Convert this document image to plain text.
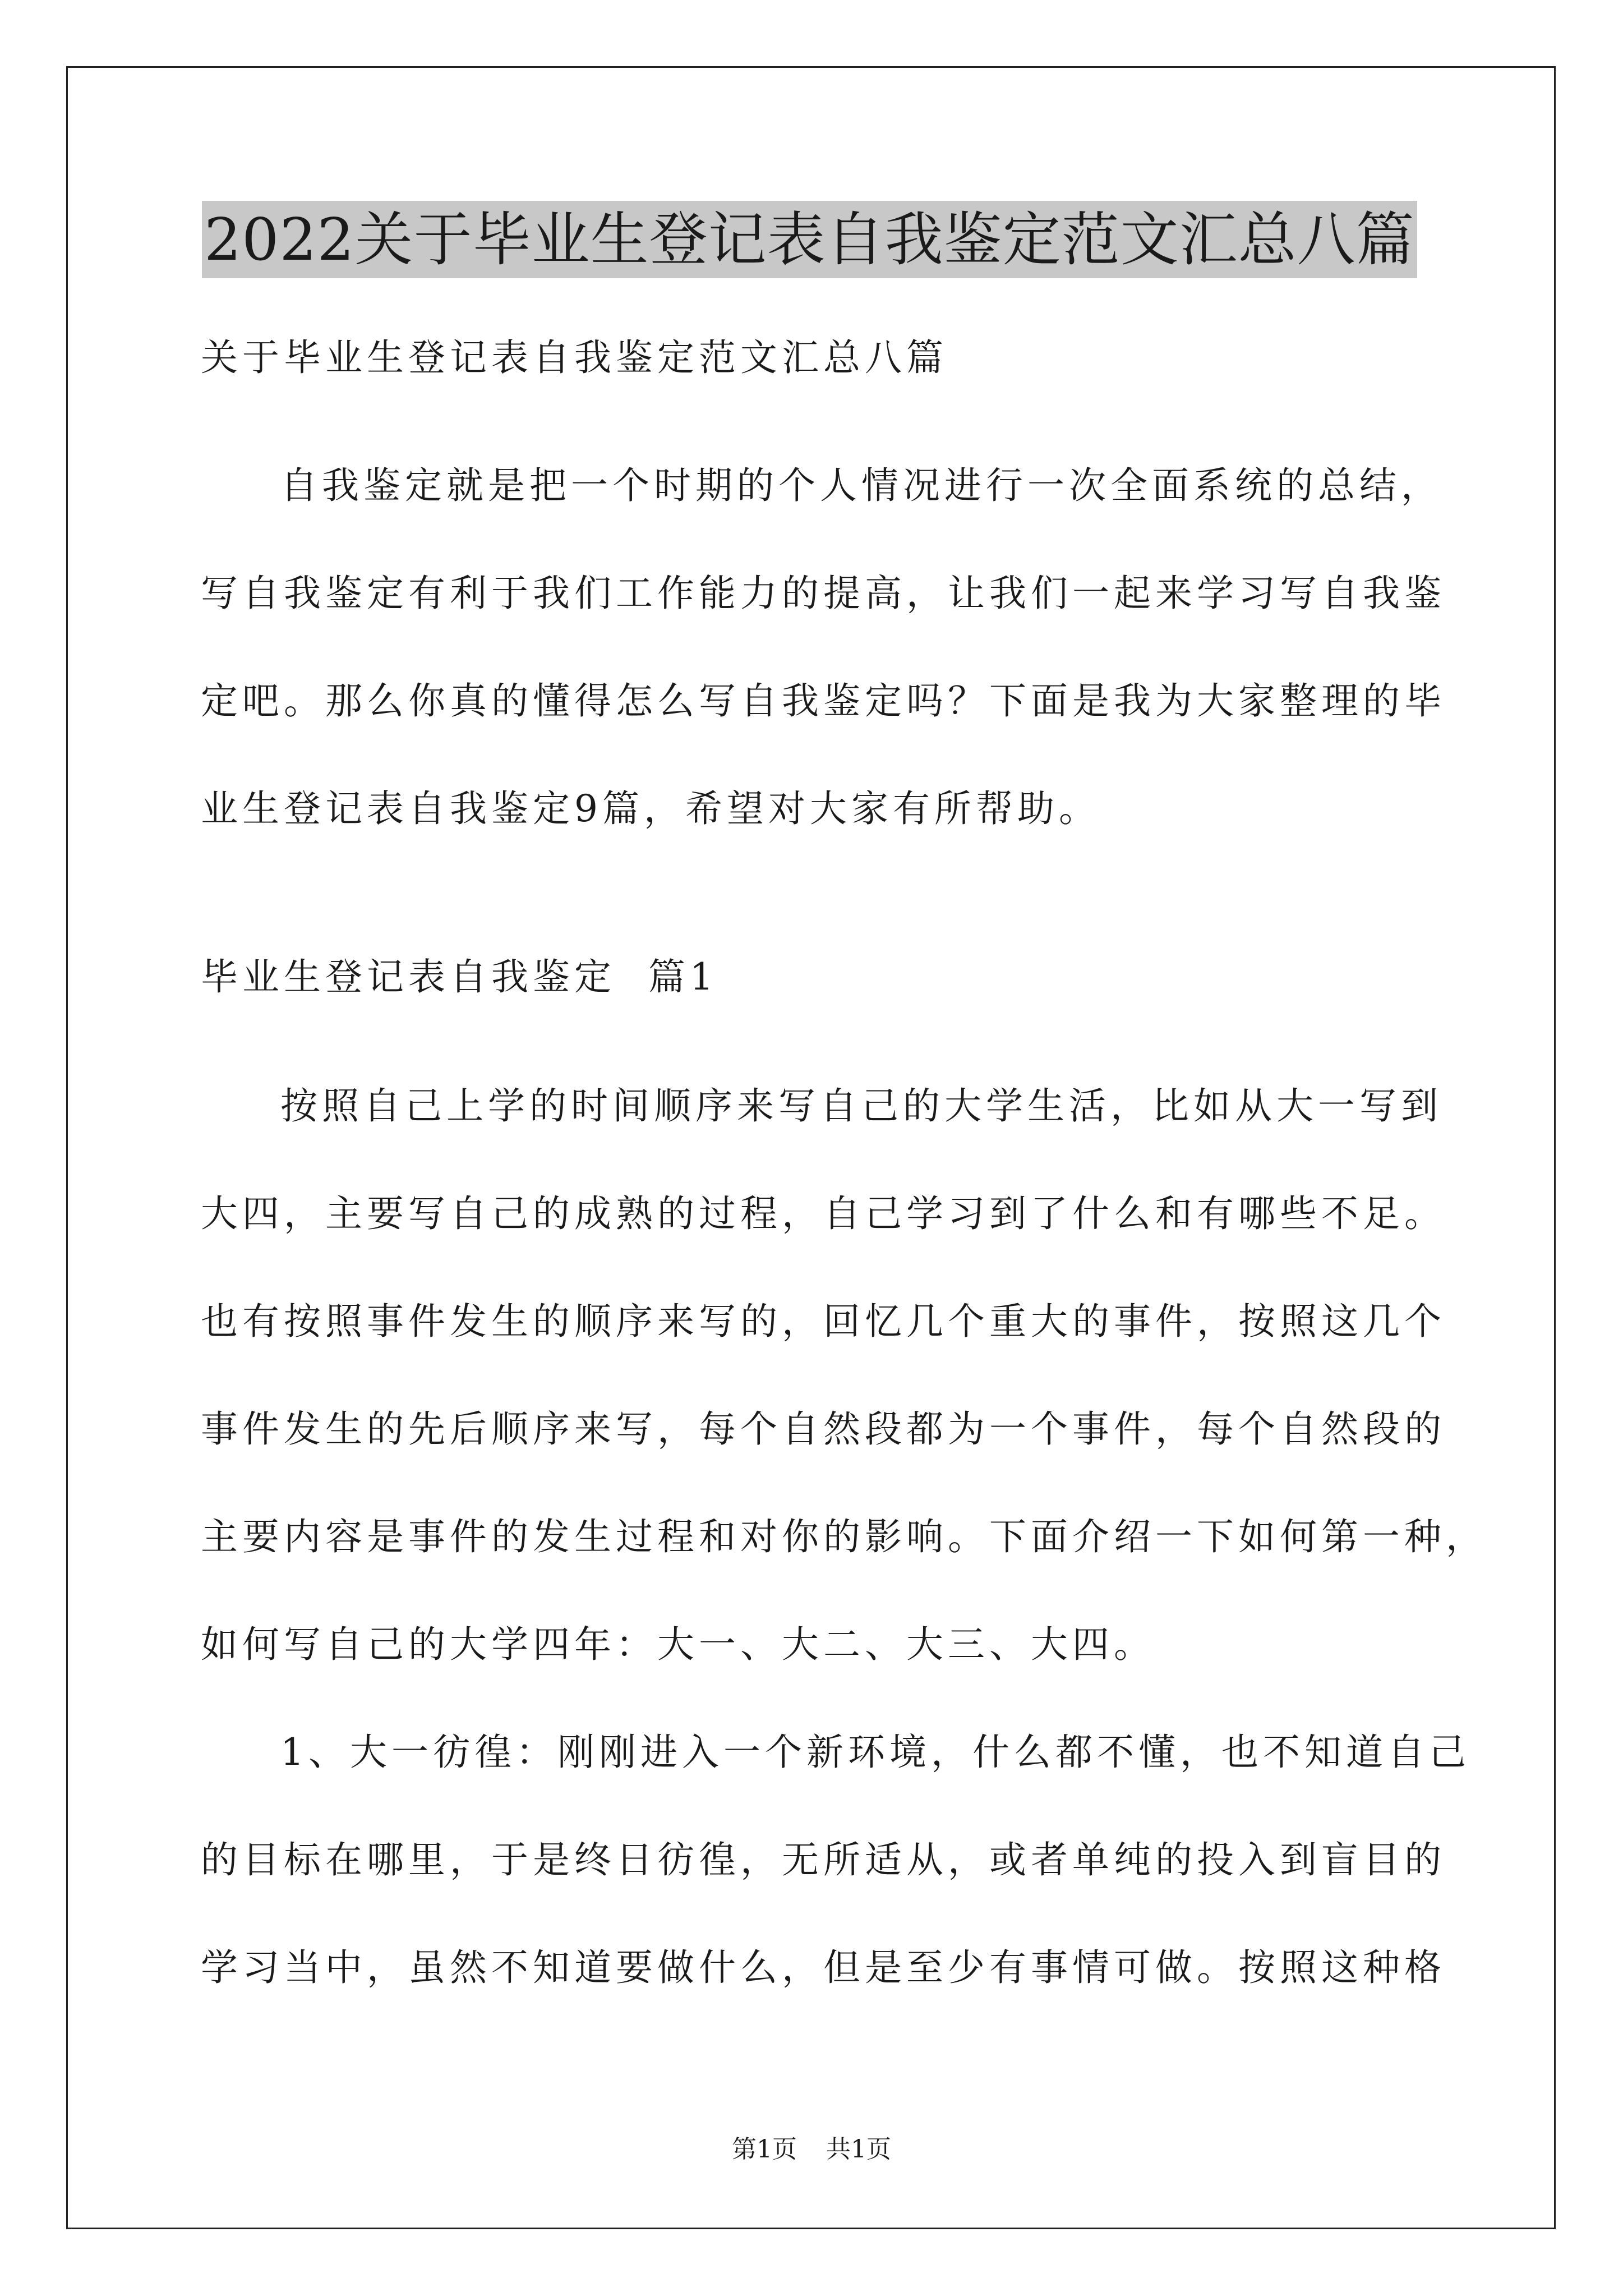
2022关于毕业生登记表自我鉴定范文汇总八篇
关于毕业生登记表自我鉴定范文汇总八篇
自我鉴定就是把一个时期的个人情况进行一次全面系统的总结，
写自我鉴定有利于我们工作能力的提高，让我们一起来学习写自我鉴
定吧。那么你真的懂得怎么写自我鉴定吗？下面是我为大家整理的毕
业生登记表自我鉴定9篇，希望对大家有所帮助。
毕业生登记表自我鉴定  篇1
按照自己上学的时间顺序来写自己的大学生活，比如从大一写到
大四，主要写自己的成熟的过程，自己学习到了什么和有哪些不足。
也有按照事件发生的顺序来写的，回忆几个重大的事件，按照这几个
事件发生的先后顺序来写，每个自然段都为一个事件，每个自然段的
主要内容是事件的发生过程和对你的影响。下面介绍一下如何第一种，
如何写自己的大学四年：大一、大二、大三、大四。
1、大一彷徨：刚刚进入一个新环境，什么都不懂，也不知道自己
的目标在哪里，于是终日彷徨，无所适从，或者单纯的投入到盲目的
学习当中，虽然不知道要做什么，但是至少有事情可做。按照这种格
第1页 共1页
